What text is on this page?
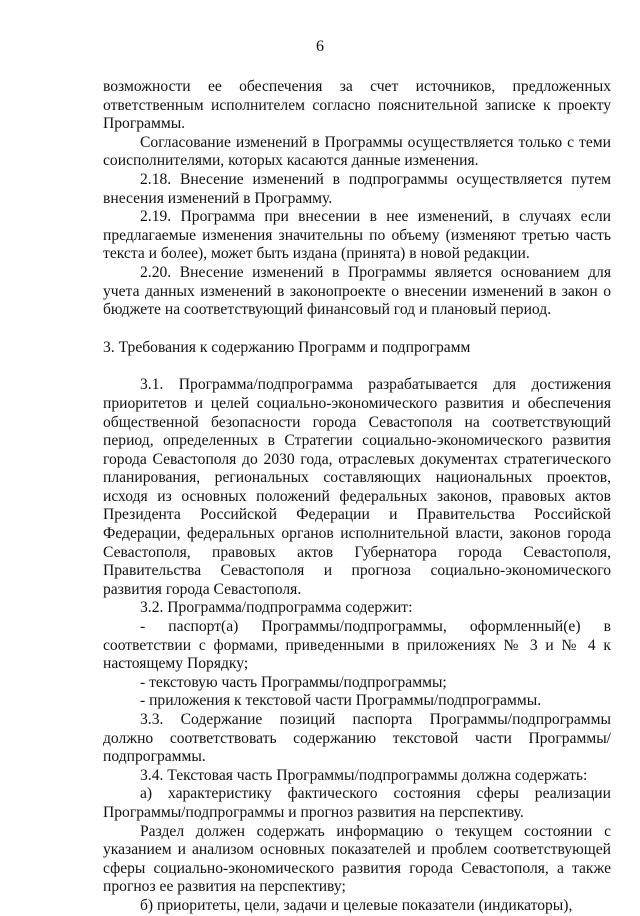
6

возможности ее обеспечения за счет источников, предложенных ответственным исполнителем согласно пояснительной записке к проекту Программы.

Согласование изменений в Программы осуществляется только с теми соисполнителями, которых касаются данные изменения.

2.18. Внесение изменений в подпрограммы осуществляется путем внесения изменений в Программу.

2.19. Программа при внесении в нее изменений, в случаях если предлагаемые изменения значительны по объему (изменяют третью часть текста и более), может быть издана (принята) в новой редакции.

2.20. Внесение изменений в Программы является основанием для учета данных изменений в законопроекте о внесении изменений в закон о бюджете на соответствующий финансовый год и плановый период.

3. Требования к содержанию Программ и подпрограмм

3.1. Программа/подпрограмма разрабатывается для достижения приоритетов и целей социально-экономического развития и обеспечения общественной безопасности города Севастополя на соответствующий период, определенных в Стратегии социально-экономического развития города Севастополя до 2030 года, отраслевых документах стратегического планирования, региональных составляющих национальных проектов, исходя из основных положений федеральных законов, правовых актов Президента Российской Федерации и Правительства Российской Федерации, федеральных органов исполнительной власти, законов города Севастополя, правовых актов Губернатора города Севастополя, Правительства Севастополя и прогноза социально-экономического развития города Севастополя.

3.2. Программа/подпрограмма содержит:

- паспорт(а) Программы/подпрограммы, оформленный(е) в соответствии с формами, приведенными в приложениях № 3 и № 4 к настоящему Порядку;

- текстовую часть Программы/подпрограммы;

- приложения к текстовой части Программы/подпрограммы.

3.3. Содержание позиций паспорта Программы/подпрограммы должно соответствовать содержанию текстовой части Программы/подпрограммы.

3.4. Текстовая часть Программы/подпрограммы должна содержать:

а) характеристику фактического состояния сферы реализации Программы/подпрограммы и прогноз развития на перспективу.

Раздел должен содержать информацию о текущем состоянии с указанием и анализом основных показателей и проблем соответствующей сферы социально-экономического развития города Севастополя, а также прогноз ее развития на перспективу;

б) приоритеты, цели, задачи и целевые показатели (индикаторы),
